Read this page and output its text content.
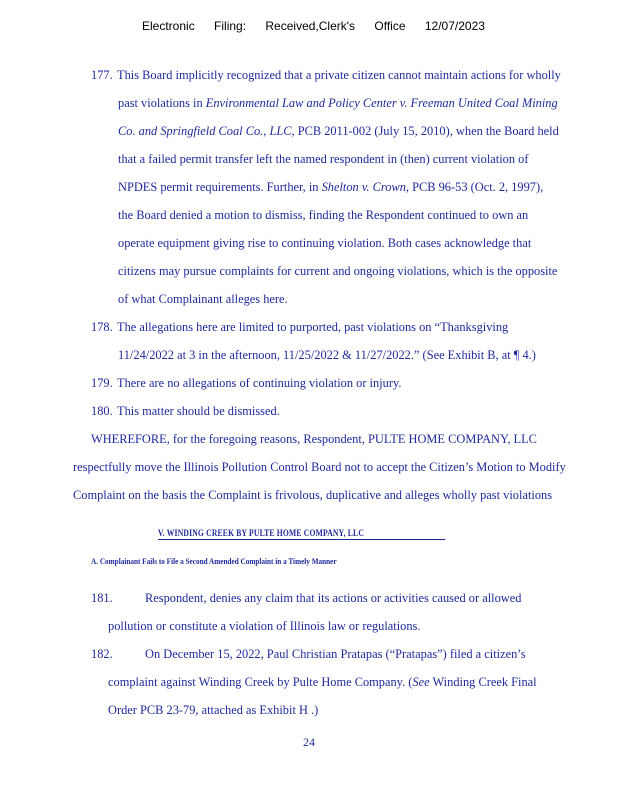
Electronic Filing: Received,Clerk's Office 12/07/2023
177. This Board implicitly recognized that a private citizen cannot maintain actions for wholly
past violations in Environmental Law and Policy Center v. Freeman United Coal Mining
Co. and Springfield Coal Co., LLC, PCB 2011-002 (July 15, 2010), when the Board held
that a failed permit transfer left the named respondent in (then) current violation of
NPDES permit requirements. Further, in Shelton v. Crown, PCB 96-53 (Oct. 2, 1997),
the Board denied a motion to dismiss, finding the Respondent continued to own an
operate equipment giving rise to continuing violation. Both cases acknowledge that
citizens may pursue complaints for current and ongoing violations, which is the opposite
of what Complainant alleges here.
178. The allegations here are limited to purported, past violations on “Thanksgiving
11/24/2022 at 3 in the afternoon, 11/25/2022 & 11/27/2022.” (See Exhibit B, at ¶ 4.)
179. There are no allegations of continuing violation or injury.
180. This matter should be dismissed.
WHEREFORE, for the foregoing reasons, Respondent, PULTE HOME COMPANY, LLC
respectfully move the Illinois Pollution Control Board not to accept the Citizen’s Motion to Modify
Complaint on the basis the Complaint is frivolous, duplicative and alleges wholly past violations
V. WINDING CREEK BY PULTE HOME COMPANY, LLC
A. Complainant Fails to File a Second Amended Complaint in a Timely Manner
181.	Respondent, denies any claim that its actions or activities caused or allowed
pollution or constitute a violation of Illinois law or regulations.
182.	On December 15, 2022, Paul Christian Pratapas (“Pratapas”) filed a citizen’s
complaint against Winding Creek by Pulte Home Company. (See Winding Creek Final
Order PCB 23-79, attached as Exhibit H .)
24
